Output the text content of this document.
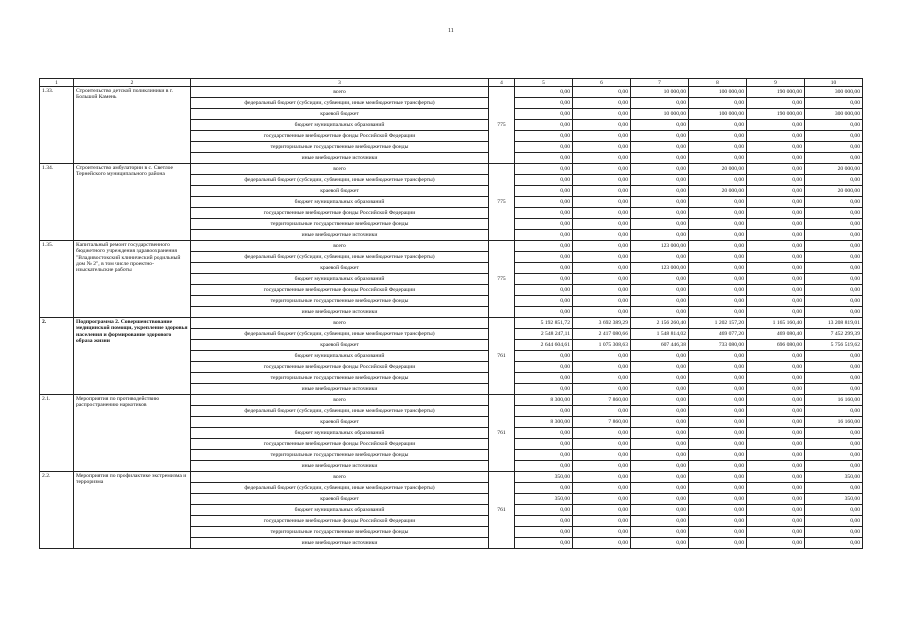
11
1	2	3	4	5	6	7	8	9	10
1.33.	Строительство детской поликлиники в г. Большой Камень	всего	775	0,00	0,00	10 000,00	100 000,00	190 000,00	300 000,00
		федеральный бюджет (субсидии, субвенции, иные межбюджетные трансферты)		0,00	0,00	0,00	0,00	0,00	0,00
		краевой бюджет		0,00	0,00	10 000,00	100 000,00	190 000,00	300 000,00
		бюджет муниципальных образований		0,00	0,00	0,00	0,00	0,00	0,00
		государственные внебюджетные фонды Российской Федерации		0,00	0,00	0,00	0,00	0,00	0,00
		территориальные государственные внебюджетные фонды		0,00	0,00	0,00	0,00	0,00	0,00
		иные внебюджетные источники		0,00	0,00	0,00	0,00	0,00	0,00
1.34.	Строительство амбулатории в с. Светлое Тернейского муниципального района	всего	775	0,00	0,00	0,00	20 000,00	0,00	20 000,00
		федеральный бюджет (субсидии, субвенции, иные межбюджетные трансферты)		0,00	0,00	0,00	0,00	0,00	0,00
		краевой бюджет		0,00	0,00	0,00	20 000,00	0,00	20 000,00
		бюджет муниципальных образований		0,00	0,00	0,00	0,00	0,00	0,00
		государственные внебюджетные фонды Российской Федерации		0,00	0,00	0,00	0,00	0,00	0,00
		территориальные государственные внебюджетные фонды		0,00	0,00	0,00	0,00	0,00	0,00
		иные внебюджетные источники		0,00	0,00	0,00	0,00	0,00	0,00
1.35.	Капитальный ремонт государственного бюджетного учреждения здравоохранения "Владивостокский клинический родильный дом № 2", в том числе проектно-изыскательские работы	всего	775	0,00	0,00	123 000,00	0,00	0,00	0,00
		федеральный бюджет (субсидии, субвенции, иные межбюджетные трансферты)		0,00	0,00	0,00	0,00	0,00	0,00
		краевой бюджет		0,00	0,00	123 000,00	0,00	0,00	0,00
		бюджет муниципальных образований		0,00	0,00	0,00	0,00	0,00	0,00
		государственные внебюджетные фонды Российской Федерации		0,00	0,00	0,00	0,00	0,00	0,00
		территориальные государственные внебюджетные фонды		0,00	0,00	0,00	0,00	0,00	0,00
		иные внебюджетные источники		0,00	0,00	0,00	0,00	0,00	0,00
2.	Подпрограмма 2. Совершенствование медицинской помощи, укрепление здоровья населения и формирование здорового образа жизни	всего	761	5 192 851,72	3 692 389,29	2 156 260,40	1 202 157,20	1 165 160,40	13 208 819,01
		федеральный бюджет (субсидии, субвенции, иные межбюджетные трансферты)		2 548 247,11	2 417 080,66	1 548 814,02	469 077,20	469 080,40	7 452 299,39
		краевой бюджет		2 644 604,61	1 075 308,63	607 446,38	733 080,00	696 080,00	5 756 519,62
		бюджет муниципальных образований		0,00	0,00	0,00	0,00	0,00	0,00
		государственные внебюджетные фонды Российской Федерации		0,00	0,00	0,00	0,00	0,00	0,00
		территориальные государственные внебюджетные фонды		0,00	0,00	0,00	0,00	0,00	0,00
		иные внебюджетные источники		0,00	0,00	0,00	0,00	0,00	0,00
2.1.	Мероприятия по противодействию распространению наркотиков	всего	761	8 300,00	7 860,00	0,00	0,00	0,00	16 160,00
		федеральный бюджет (субсидии, субвенции, иные межбюджетные трансферты)		0,00	0,00	0,00	0,00	0,00	0,00
		краевой бюджет		8 300,00	7 860,00	0,00	0,00	0,00	16 160,00
		бюджет муниципальных образований		0,00	0,00	0,00	0,00	0,00	0,00
		государственные внебюджетные фонды Российской Федерации		0,00	0,00	0,00	0,00	0,00	0,00
		территориальные государственные внебюджетные фонды		0,00	0,00	0,00	0,00	0,00	0,00
		иные внебюджетные источники		0,00	0,00	0,00	0,00	0,00	0,00
2.2.	Мероприятия по профилактике экстремизма и терроризма	всего	761	350,00	0,00	0,00	0,00	0,00	350,00
		федеральный бюджет (субсидии, субвенции, иные межбюджетные трансферты)		0,00	0,00	0,00	0,00	0,00	0,00
		краевой бюджет		350,00	0,00	0,00	0,00	0,00	350,00
		бюджет муниципальных образований		0,00	0,00	0,00	0,00	0,00	0,00
		государственные внебюджетные фонды Российской Федерации		0,00	0,00	0,00	0,00	0,00	0,00
		территориальные государственные внебюджетные фонды		0,00	0,00	0,00	0,00	0,00	0,00
		иные внебюджетные источники		0,00	0,00	0,00	0,00	0,00	0,00
